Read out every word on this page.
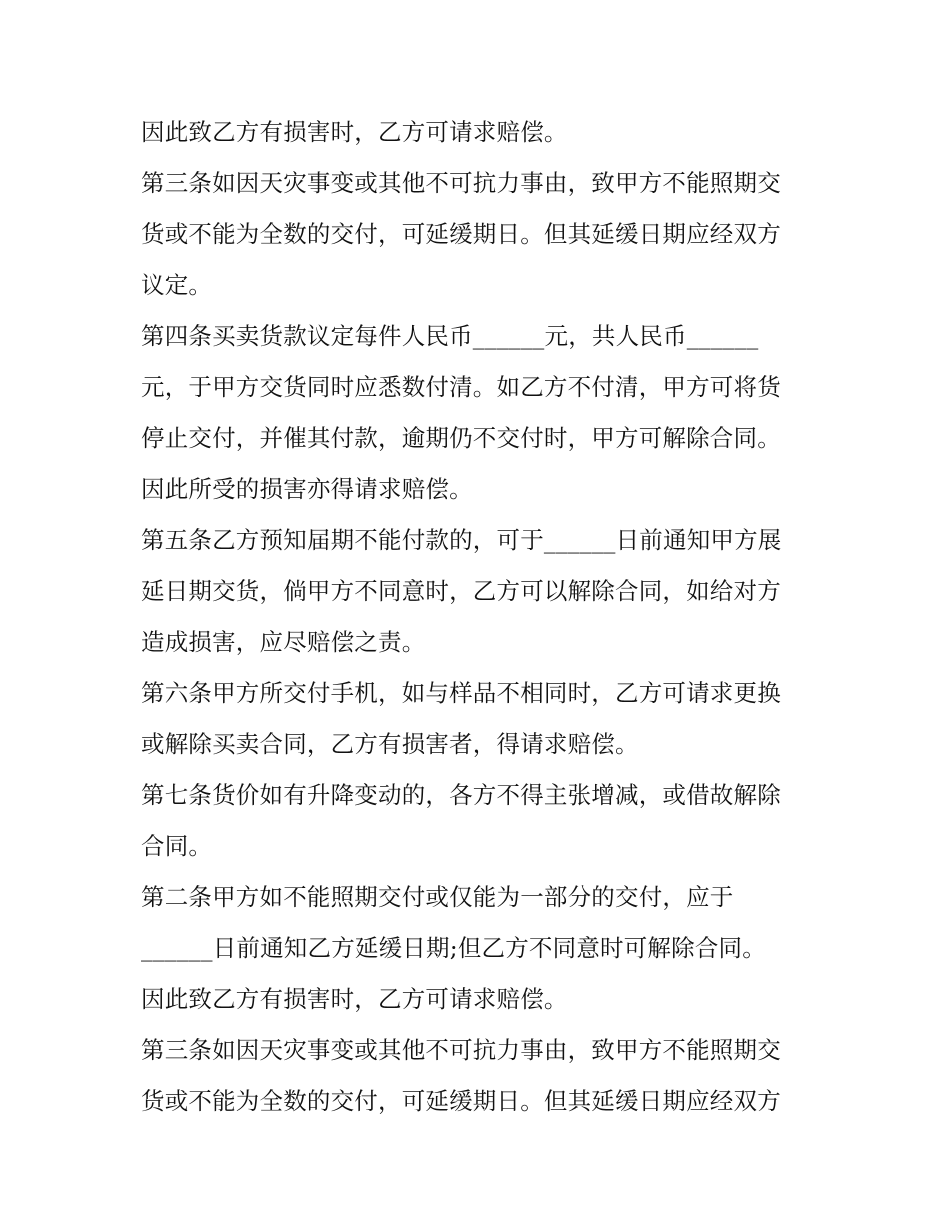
因此致乙方有损害时，乙方可请求赔偿。
第三条如因天灾事变或其他不可抗力事由，致甲方不能照期交
货或不能为全数的交付，可延缓期日。但其延缓日期应经双方
议定。
第四条买卖货款议定每件人民币______元，共人民币______
元，于甲方交货同时应悉数付清。如乙方不付清，甲方可将货
停止交付，并催其付款，逾期仍不交付时，甲方可解除合同。
因此所受的损害亦得请求赔偿。
第五条乙方预知届期不能付款的，可于______日前通知甲方展
延日期交货，倘甲方不同意时，乙方可以解除合同，如给对方
造成损害，应尽赔偿之责。
第六条甲方所交付手机，如与样品不相同时，乙方可请求更换
或解除买卖合同，乙方有损害者，得请求赔偿。
第七条货价如有升降变动的，各方不得主张增减，或借故解除
合同。
第二条甲方如不能照期交付或仅能为一部分的交付，应于
______日前通知乙方延缓日期;但乙方不同意时可解除合同。
因此致乙方有损害时，乙方可请求赔偿。
第三条如因天灾事变或其他不可抗力事由，致甲方不能照期交
货或不能为全数的交付，可延缓期日。但其延缓日期应经双方
